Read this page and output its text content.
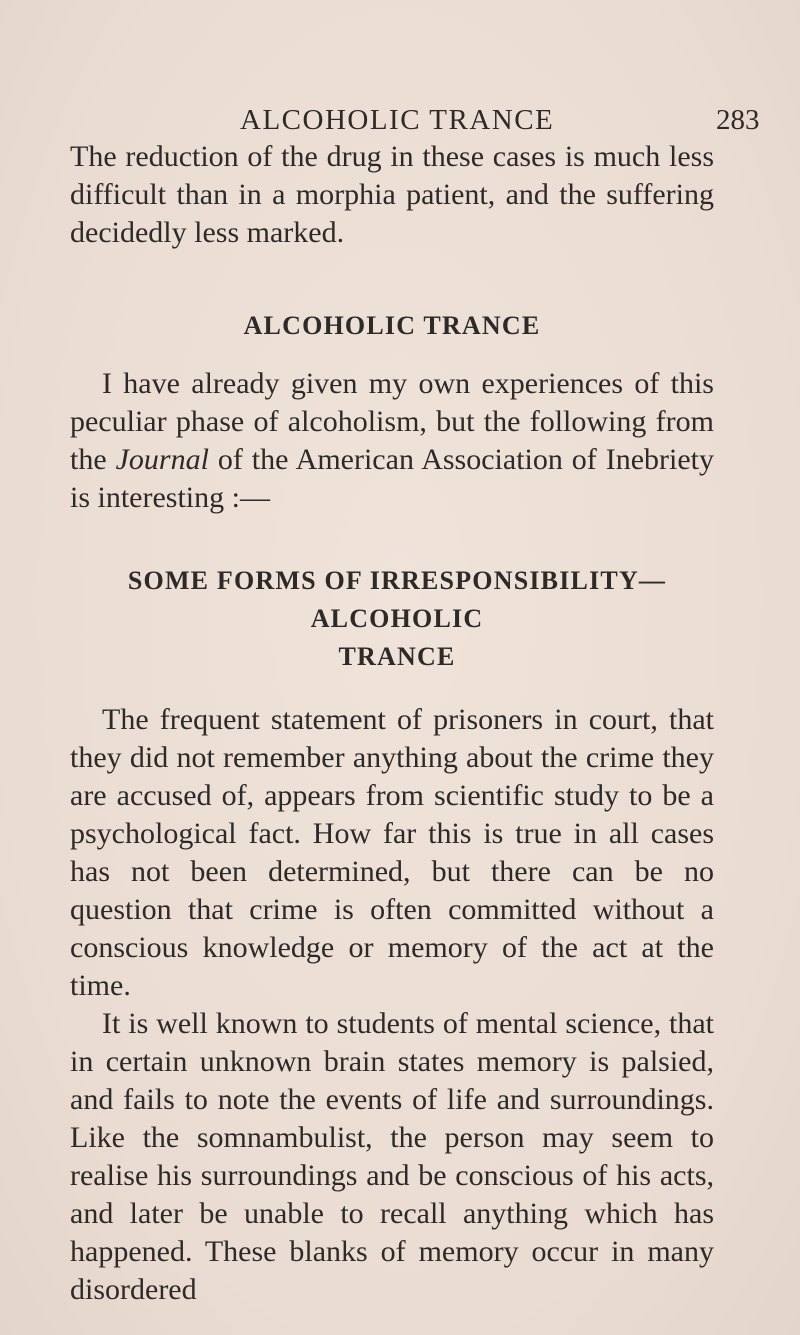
ALCOHOLIC TRANCE	283

The reduction of the drug in these cases is much less difficult than in a morphia patient, and the suffering decidedly less marked.

ALCOHOLIC TRANCE

I have already given my own experiences of this peculiar phase of alcoholism, but the following from the Journal of the American Association of Inebriety is interesting :—

SOME FORMS OF IRRESPONSIBILITY—ALCOHOLIC
TRANCE

The frequent statement of prisoners in court, that they did not remember anything about the crime they are accused of, appears from scientific study to be a psychological fact. How far this is true in all cases has not been determined, but there can be no question that crime is often committed without a conscious knowledge or memory of the act at the time.

It is well known to students of mental science, that in certain unknown brain states memory is palsied, and fails to note the events of life and surroundings. Like the somnambulist, the person may seem to realise his surroundings and be conscious of his acts, and later be unable to recall anything which has happened. These blanks of memory occur in many disordered
